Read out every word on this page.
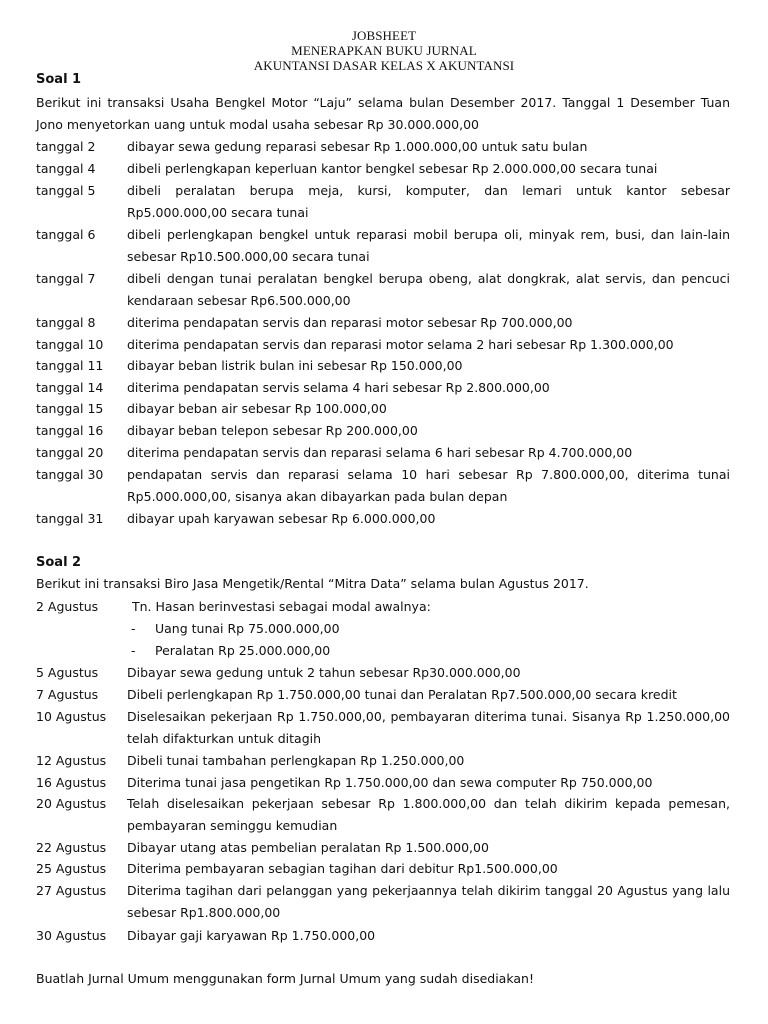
JOBSHEET
MENERAPKAN BUKU JURNAL
AKUNTANSI DASAR KELAS X AKUNTANSI
Soal 1
Berikut ini transaksi Usaha Bengkel Motor “Laju” selama bulan Desember 2017. Tanggal 1 Desember Tuan Jono menyetorkan uang untuk modal usaha sebesar Rp 30.000.000,00
tanggal 2	dibayar sewa gedung reparasi sebesar Rp 1.000.000,00 untuk satu bulan
tanggal 4	dibeli perlengkapan keperluan kantor bengkel sebesar Rp 2.000.000,00 secara tunai
tanggal 5	dibeli peralatan berupa meja, kursi, komputer, dan lemari untuk kantor sebesar Rp5.000.000,00 secara tunai
tanggal 6	dibeli perlengkapan bengkel untuk reparasi mobil berupa oli, minyak rem, busi, dan lain-lain sebesar Rp10.500.000,00 secara tunai
tanggal 7	dibeli dengan tunai peralatan bengkel berupa obeng, alat dongkrak, alat servis, dan pencuci kendaraan sebesar Rp6.500.000,00
tanggal 8	diterima pendapatan servis dan reparasi motor sebesar Rp 700.000,00
tanggal 10 diterima pendapatan servis dan reparasi motor selama 2 hari sebesar Rp 1.300.000,00
tanggal 11 dibayar beban listrik bulan ini sebesar Rp 150.000,00
tanggal 14 diterima pendapatan servis selama 4 hari sebesar Rp 2.800.000,00
tanggal 15 dibayar beban air sebesar Rp 100.000,00
tanggal 16 dibayar beban telepon sebesar Rp 200.000,00
tanggal 20 diterima pendapatan servis dan reparasi selama 6 hari sebesar Rp 4.700.000,00
tanggal 30 pendapatan servis dan reparasi selama 10 hari sebesar Rp 7.800.000,00, diterima tunai Rp5.000.000,00, sisanya akan dibayarkan pada bulan depan
tanggal 31 dibayar upah karyawan sebesar Rp 6.000.000,00
Soal 2
Berikut ini transaksi Biro Jasa Mengetik/Rental “Mitra Data” selama bulan Agustus 2017.
2 Agustus	Tn. Hasan berinvestasi sebagai modal awalnya:
- Uang tunai Rp 75.000.000,00
- Peralatan Rp 25.000.000,00
5 Agustus Dibayar sewa gedung untuk 2 tahun sebesar Rp30.000.000,00
7 Agustus Dibeli perlengkapan Rp 1.750.000,00 tunai dan Peralatan Rp7.500.000,00 secara kredit
10 Agustus Diselesaikan pekerjaan Rp 1.750.000,00, pembayaran diterima tunai. Sisanya Rp 1.250.000,00 telah difakturkan untuk ditagih
12 Agustus Dibeli tunai tambahan perlengkapan Rp 1.250.000,00
16 Agustus Diterima tunai jasa pengetikan Rp 1.750.000,00 dan sewa computer Rp 750.000,00
20 Agustus Telah diselesaikan pekerjaan sebesar Rp 1.800.000,00 dan telah dikirim kepada pemesan, pembayaran seminggu kemudian
22 Agustus Dibayar utang atas pembelian peralatan Rp 1.500.000,00
25 Agustus Diterima pembayaran sebagian tagihan dari debitur Rp1.500.000,00
27 Agustus Diterima tagihan dari pelanggan yang pekerjaannya telah dikirim tanggal 20 Agustus yang lalu sebesar Rp1.800.000,00
30 Agustus Dibayar gaji karyawan Rp 1.750.000,00
Buatlah Jurnal Umum menggunakan form Jurnal Umum yang sudah disediakan!
